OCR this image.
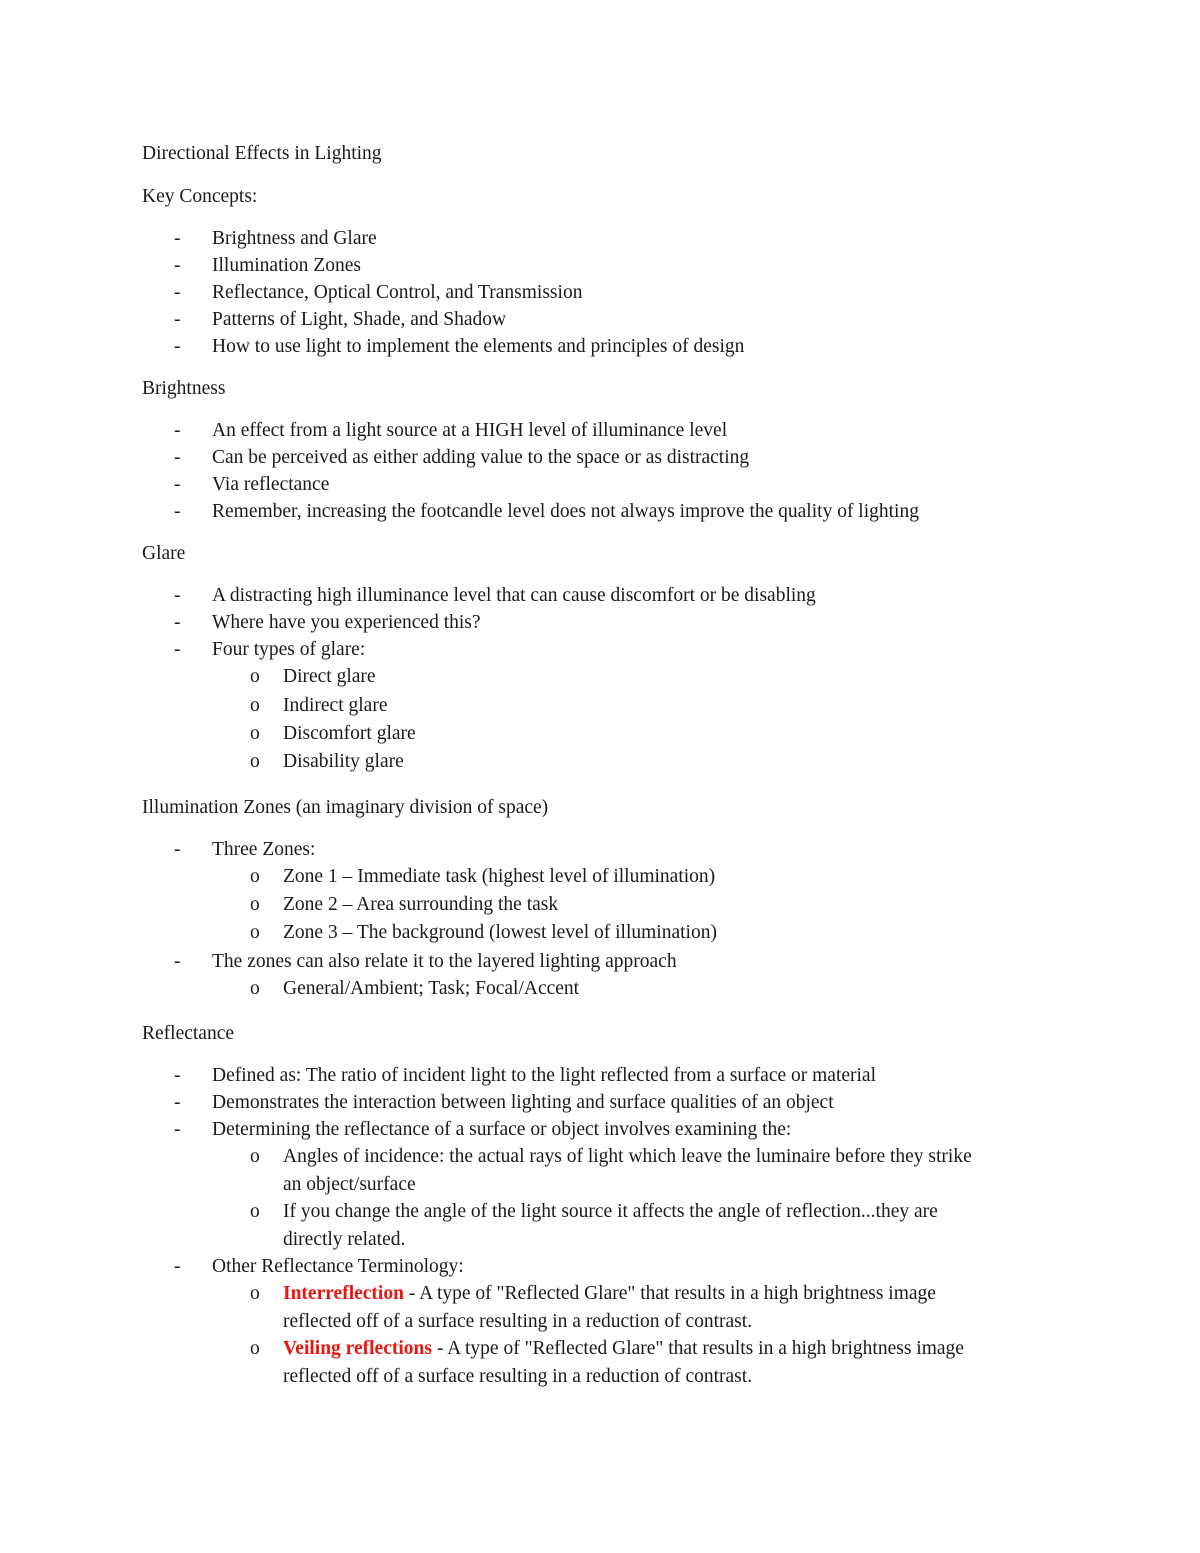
Directional Effects in Lighting
Key Concepts:
- Brightness and Glare
- Illumination Zones
- Reflectance, Optical Control, and Transmission
- Patterns of Light, Shade, and Shadow
- How to use light to implement the elements and principles of design
Brightness
- An effect from a light source at a HIGH level of illuminance level
- Can be perceived as either adding value to the space or as distracting
- Via reflectance
- Remember, increasing the footcandle level does not always improve the quality of lighting
Glare
- A distracting high illuminance level that can cause discomfort or be disabling
- Where have you experienced this?
- Four types of glare:
o Direct glare
o Indirect glare
o Discomfort glare
o Disability glare
Illumination Zones (an imaginary division of space)
- Three Zones:
o Zone 1 – Immediate task (highest level of illumination)
o Zone 2 – Area surrounding the task
o Zone 3 – The background (lowest level of illumination)
- The zones can also relate it to the layered lighting approach
o General/Ambient; Task; Focal/Accent
Reflectance
- Defined as: The ratio of incident light to the light reflected from a surface or material
- Demonstrates the interaction between lighting and surface qualities of an object
- Determining the reflectance of a surface or object involves examining the:
o Angles of incidence: the actual rays of light which leave the luminaire before they strike
an object/surface
o If you change the angle of the light source it affects the angle of reflection...they are
directly related.
- Other Reflectance Terminology:
o Interreflection - A type of "Reflected Glare" that results in a high brightness image
reflected off of a surface resulting in a reduction of contrast.
o Veiling reflections - A type of "Reflected Glare" that results in a high brightness image
reflected off of a surface resulting in a reduction of contrast.
